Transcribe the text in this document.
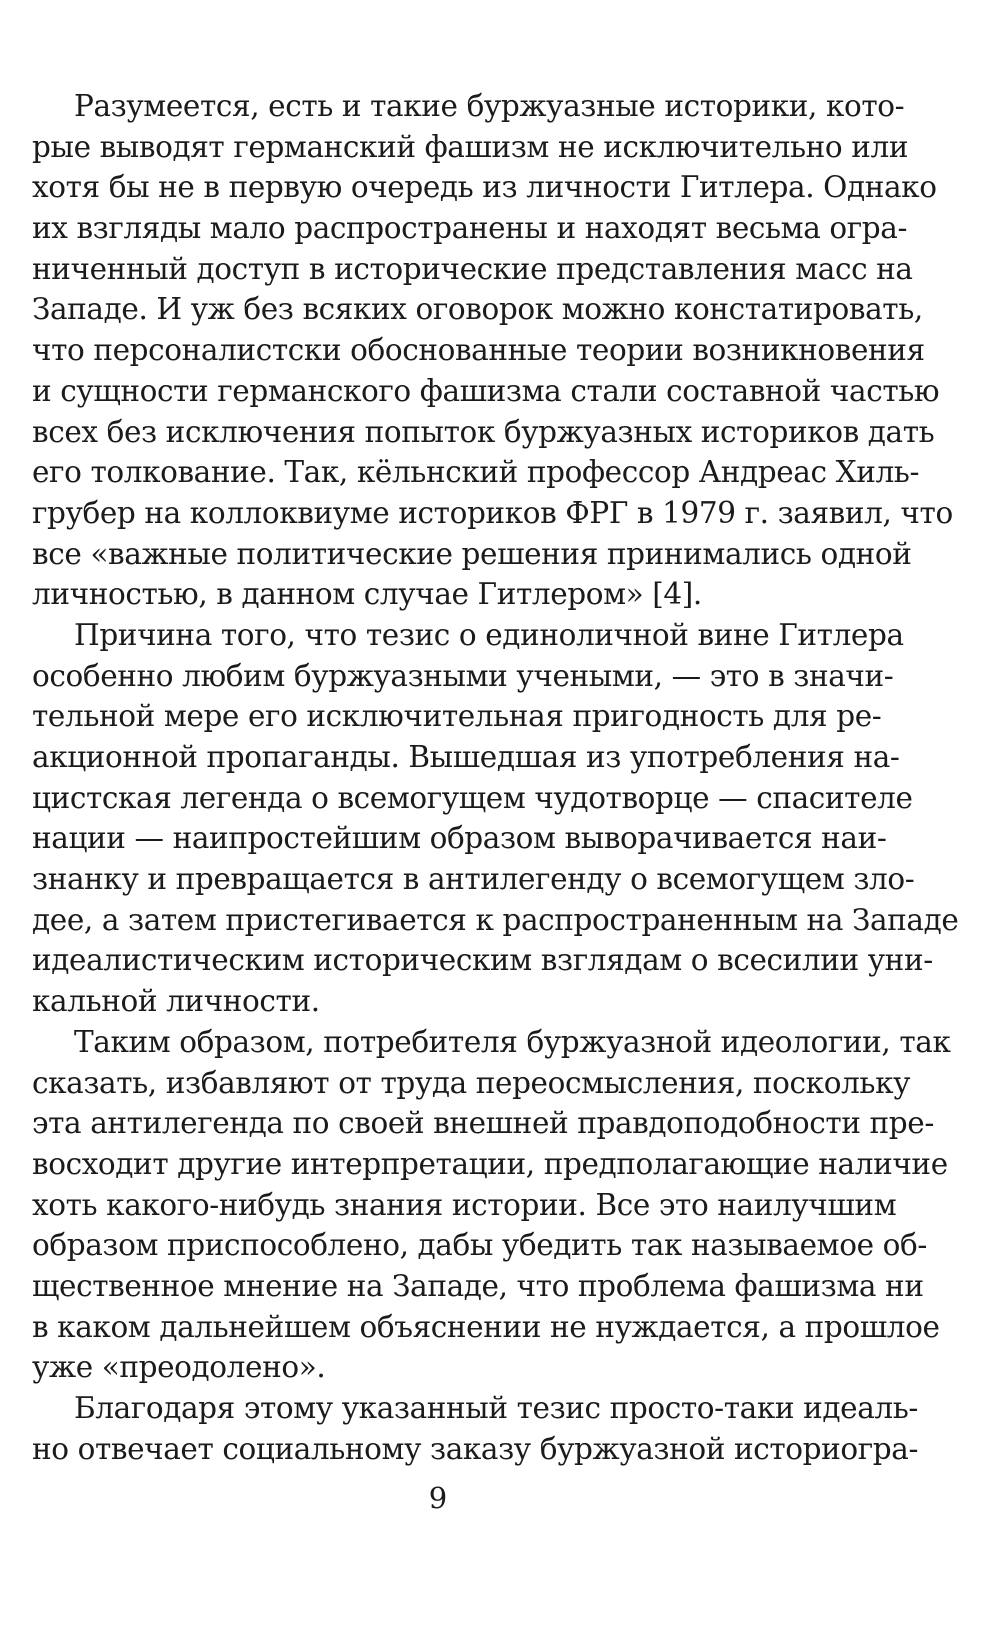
Разумеется, есть и такие буржуазные историки, кото-
рые выводят германский фашизм не исключительно или
хотя бы не в первую очередь из личности Гитлера. Однако
их взгляды мало распространены и находят весьма огра-
ниченный доступ в исторические представления масс на
Западе. И уж без всяких оговорок можно констатировать,
что персоналистски обоснованные теории возникновения
и сущности германского фашизма стали составной частью
всех без исключения попыток буржуазных историков дать
его толкование. Так, кёльнский профессор Андреас Хиль-
грубер на коллоквиуме историков ФРГ в 1979 г. заявил, что
все «важные политические решения принимались одной
личностью, в данном случае Гитлером» [4].
Причина того, что тезис о единоличной вине Гитлера
особенно любим буржуазными учеными, — это в значи-
тельной мере его исключительная пригодность для ре-
акционной пропаганды. Вышедшая из употребления на-
цистская легенда о всемогущем чудотворце — спасителе
нации — наипростейшим образом выворачивается наи-
знанку и превращается в антилегенду о всемогущем зло-
дее, а затем пристегивается к распространенным на Западе
идеалистическим историческим взглядам о всесилии уни-
кальной личности.
Таким образом, потребителя буржуазной идеологии, так
сказать, избавляют от труда переосмысления, поскольку
эта антилегенда по своей внешней правдоподобности пре-
восходит другие интерпретации, предполагающие наличие
хоть какого-нибудь знания истории. Все это наилучшим
образом приспособлено, дабы убедить так называемое об-
щественное мнение на Западе, что проблема фашизма ни
в каком дальнейшем объяснении не нуждается, а прошлое
уже «преодолено».
Благодаря этому указанный тезис просто-таки идеаль-
но отвечает социальному заказу буржуазной историогра-
9
